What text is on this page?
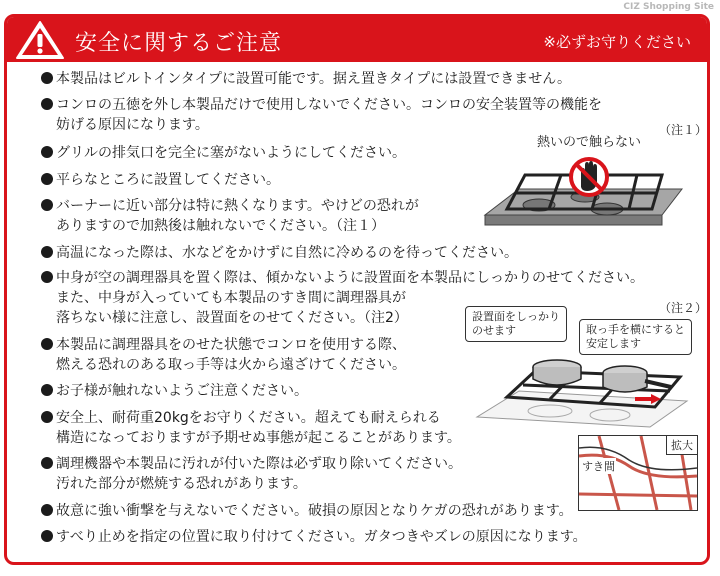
CIZ Shopping Site
安全に関するご注意	※必ずお守りください
本製品はビルトインタイプに設置可能です。据え置きタイプには設置できません。
コンロの五徳を外し本製品だけで使用しないでください。コンロの安全装置等の機能を
妨げる原因になります。
グリルの排気口を完全に塞がないようにしてください。
平らなところに設置してください。
バーナーに近い部分は特に熱くなります。やけどの恐れが
ありますので加熱後は触れないでください。（注１）
高温になった際は、水などをかけずに自然に冷めるのを待ってください。
中身が空の調理器具を置く際は、傾かないように設置面を本製品にしっかりのせてください。
また、中身が入っていても本製品のすき間に調理器具が
落ちない様に注意し、設置面をのせてください。（注2）
本製品に調理器具をのせた状態でコンロを使用する際、
燃える恐れのある取っ手等は火から遠ざけてください。
お子様が触れないようご注意ください。
安全上、耐荷重20kgをお守りください。超えても耐えられる
構造になっておりますが予期せぬ事態が起こることがあります。
調理機器や本製品に汚れが付いた際は必ず取り除いてください。
汚れた部分が燃焼する恐れがあります。
故意に強い衝撃を与えないでください。破損の原因となりケガの恐れがあります。
すべり止めを指定の位置に取り付けてください。ガタつきやズレの原因になります。
（注１）
熱いので触らない
（注２）
設置面をしっかり
のせます	取っ手を横にすると
安定します
拡大
すき間
